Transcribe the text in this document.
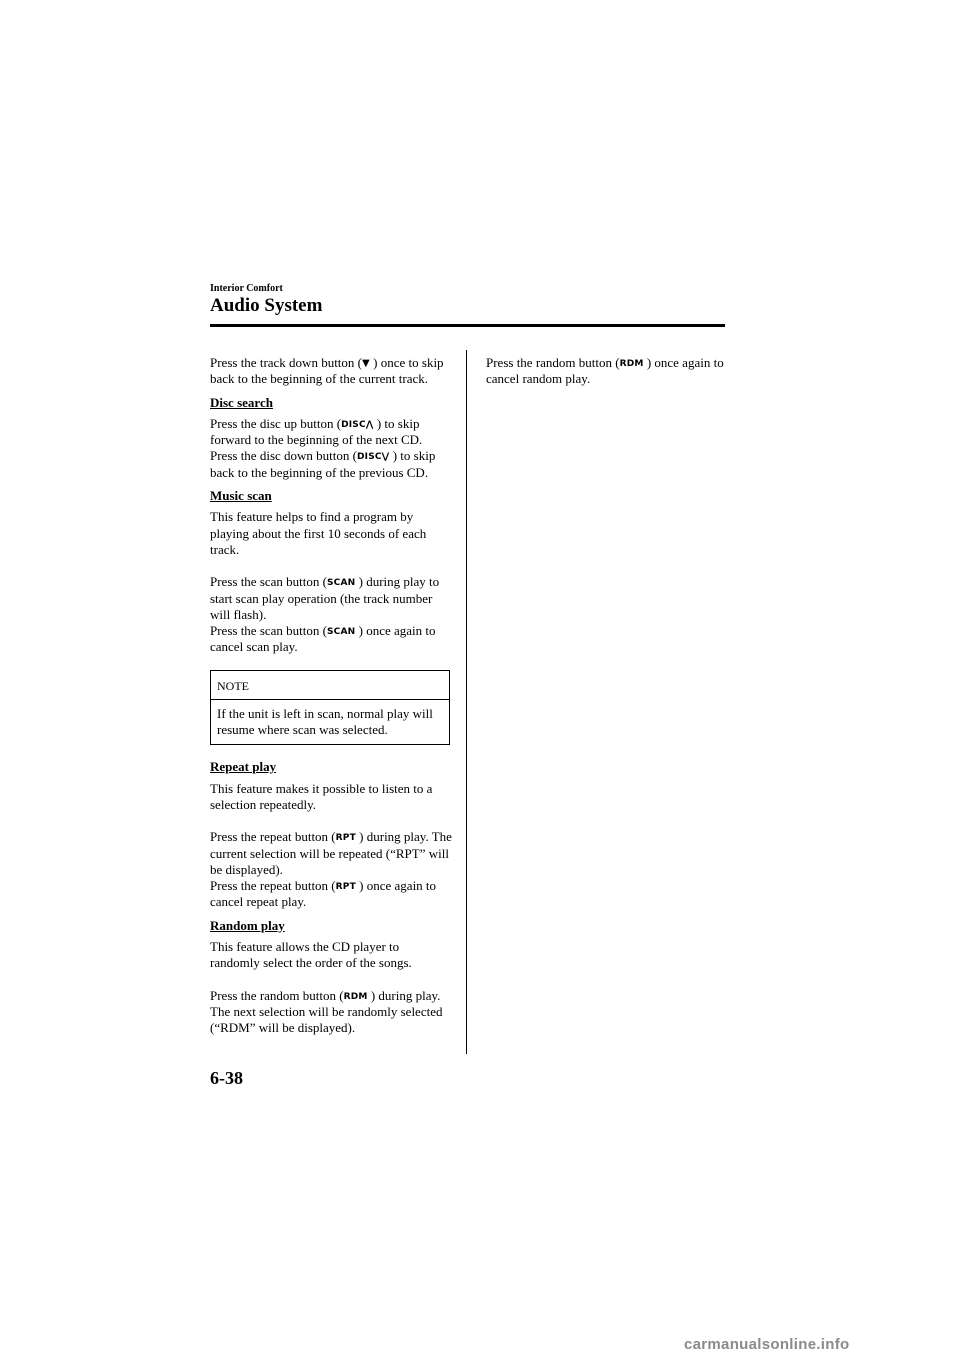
Interior Comfort
Audio System

Press the track down button (▼ ) once to skip back to the beginning of the current track.

Disc search

Press the disc up button (DISC⋀ ) to skip forward to the beginning of the next CD.

Press the disc down button (DISC⋁ ) to skip back to the beginning of the previous CD.

Music scan

This feature helps to find a program by playing about the first 10 seconds of each track.

Press the scan button (SCAN ) during play to start scan play operation (the track number will flash).

Press the scan button (SCAN ) once again to cancel scan play.

NOTE
If the unit is left in scan, normal play will resume where scan was selected.
Repeat play

This feature makes it possible to listen to a selection repeatedly.

Press the repeat button (RPT ) during play. The current selection will be repeated (“RPT” will be displayed).

Press the repeat button (RPT ) once again to cancel repeat play.

Random play

This feature allows the CD player to randomly select the order of the songs.

Press the random button (RDM ) during play. The next selection will be randomly selected (“RDM” will be displayed).

Press the random button (RDM ) once again to cancel random play.

6-38
carmanualsonline.info
